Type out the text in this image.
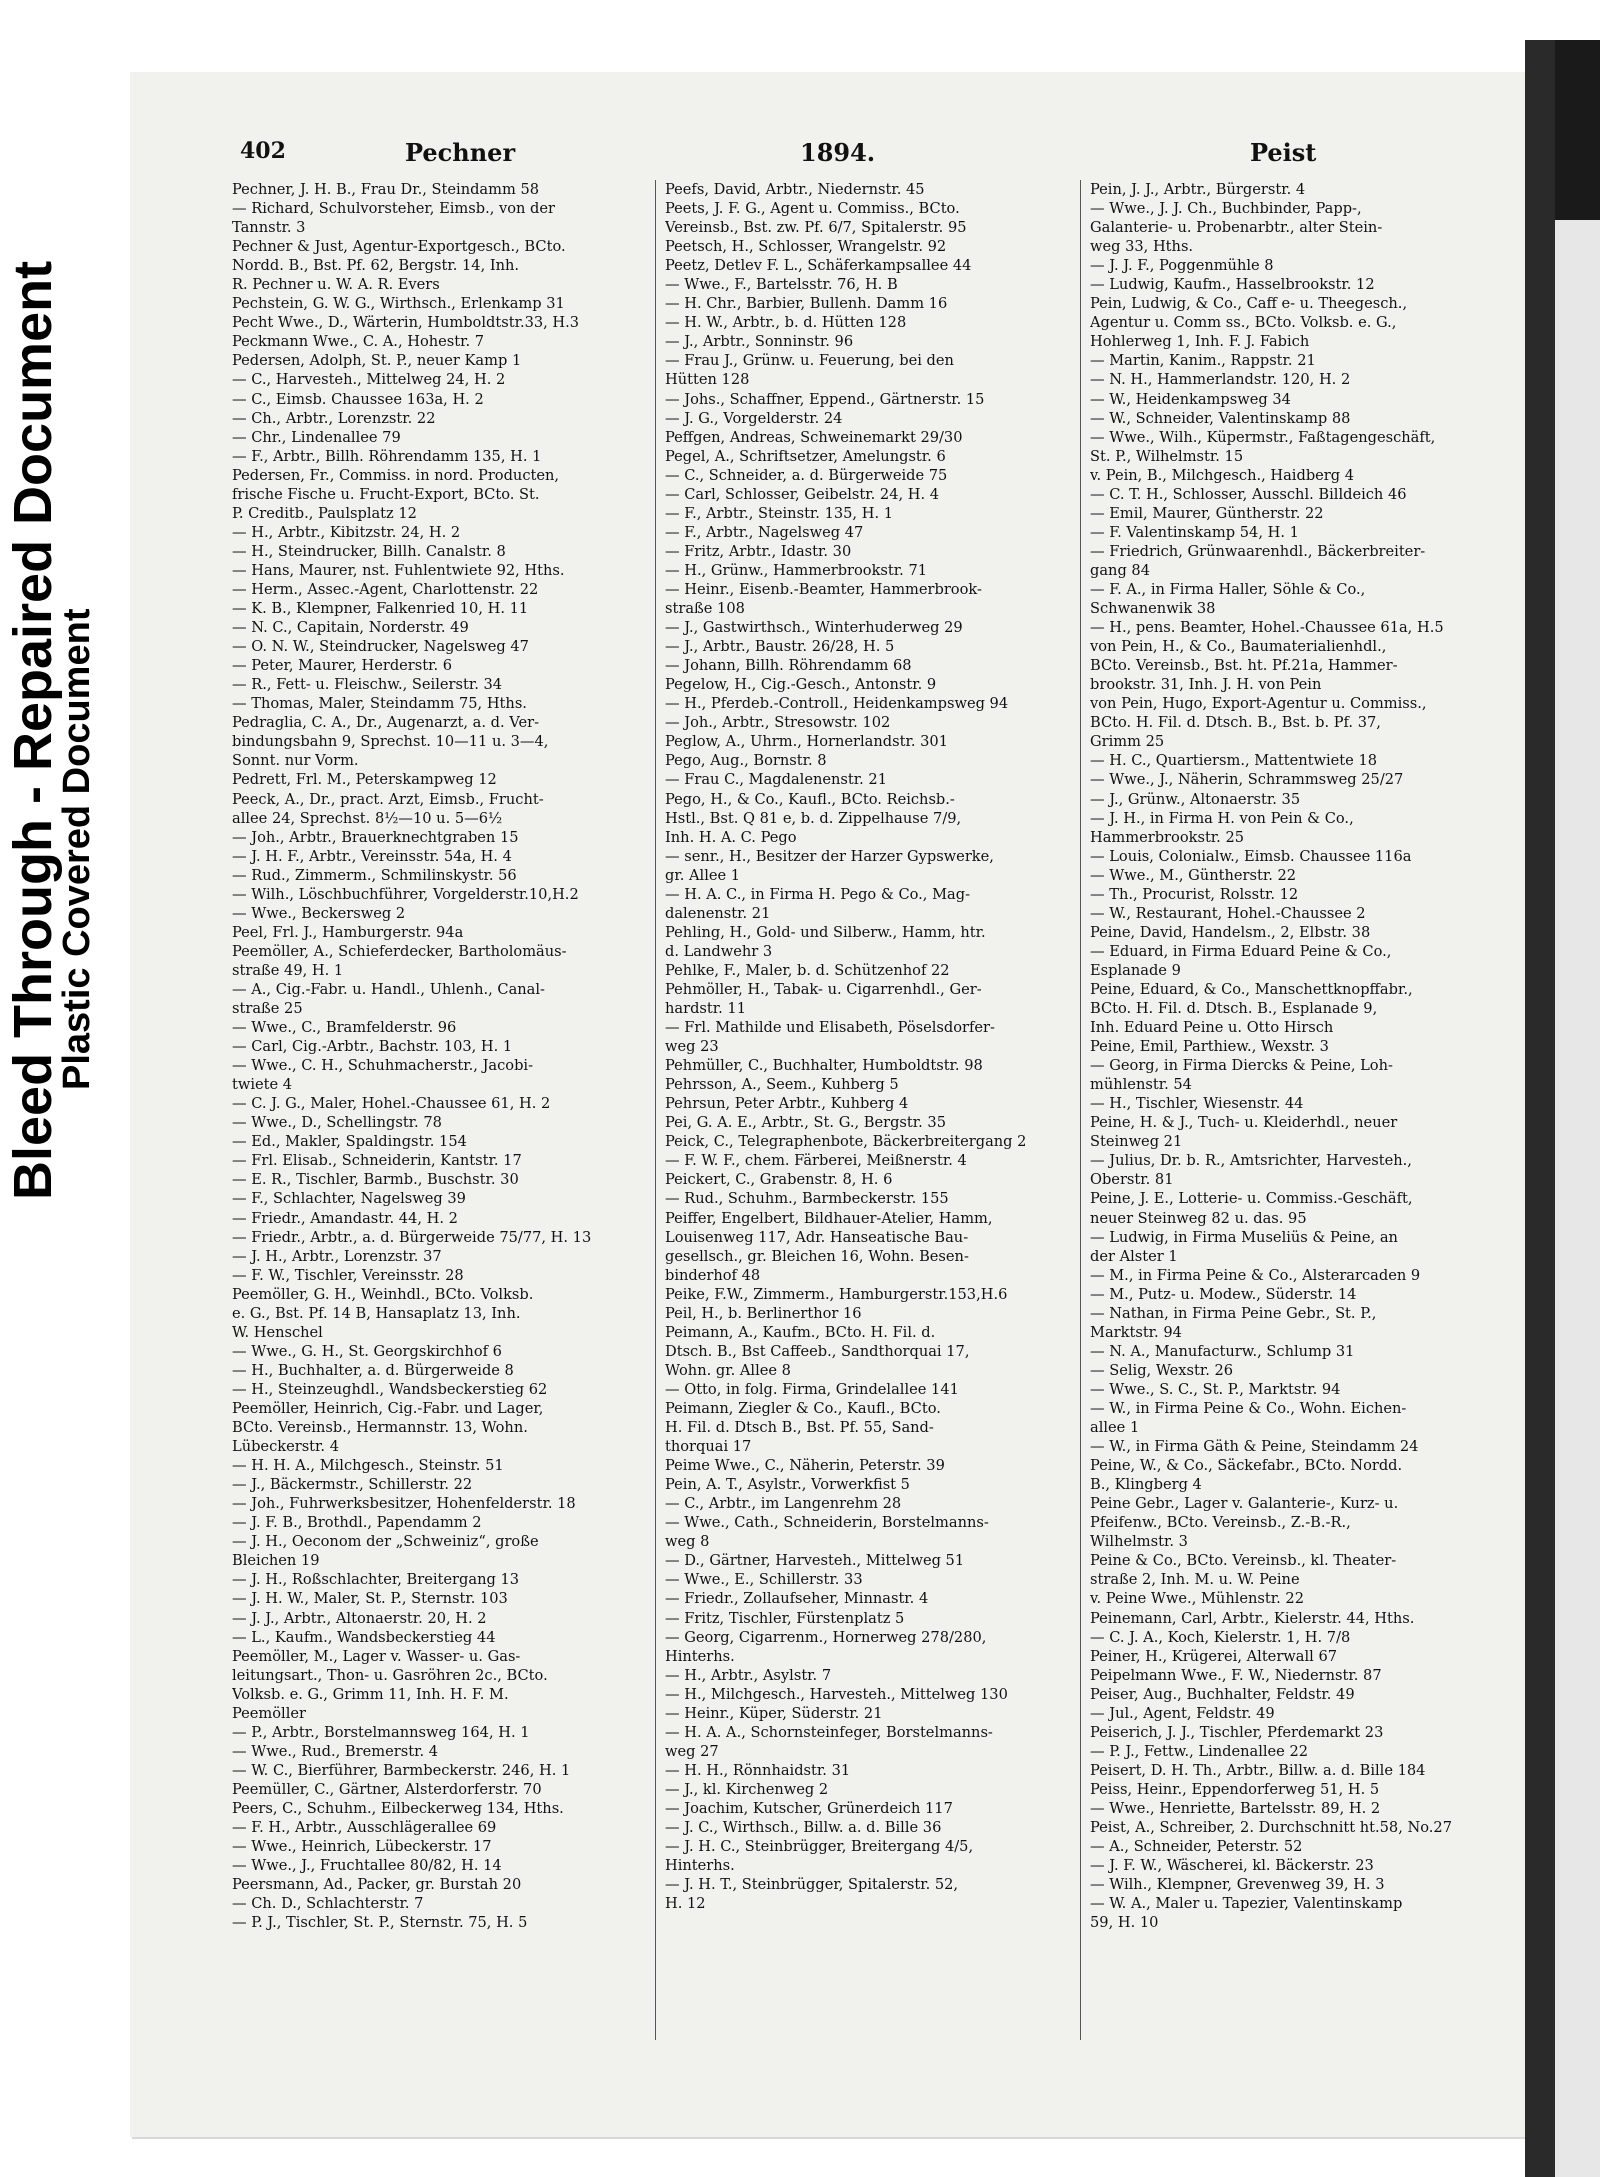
Bleed Through - Repaired Document
Plastic Covered Document
402	Pechner	1894.	Peist
Pechner, J. H. B., Frau Dr., Steindamm 58
— Richard, Schulvorsteher, Eimsb., von der
Tannstr. 3
Pechner & Just, Agentur-Exportgesch., BCto.
Nordd. B., Bst. Pf. 62, Bergstr. 14, Inh.
R. Pechner u. W. A. R. Evers
Pechstein, G. W. G., Wirthsch., Erlenkamp 31
Pecht Wwe., D., Wärterin, Humboldtstr.33, H.3
Peckmann Wwe., C. A., Hohestr. 7
Pedersen, Adolph, St. P., neuer Kamp 1
— C., Harvesteh., Mittelweg 24, H. 2
— C., Eimsb. Chaussee 163a, H. 2
— Ch., Arbtr., Lorenzstr. 22
— Chr., Lindenallee 79
— F., Arbtr., Billh. Röhrendamm 135, H. 1
Pedersen, Fr., Commiss. in nord. Producten,
frische Fische u. Frucht-Export, BCto. St.
P. Creditb., Paulsplatz 12
— H., Arbtr., Kibitzstr. 24, H. 2
— H., Steindrucker, Billh. Canalstr. 8
— Hans, Maurer, nst. Fuhlentwiete 92, Hths.
— Herm., Assec.-Agent, Charlottenstr. 22
— K. B., Klempner, Falkenried 10, H. 11
— N. C., Capitain, Norderstr. 49
— O. N. W., Steindrucker, Nagelsweg 47
— Peter, Maurer, Herderstr. 6
— R., Fett- u. Fleischw., Seilerstr. 34
— Thomas, Maler, Steindamm 75, Hths.
Pedraglia, C. A., Dr., Augenarzt, a. d. Ver-
bindungsbahn 9, Sprechst. 10—11 u. 3—4,
Sonnt. nur Vorm.
Pedrett, Frl. M., Peterskampweg 12
Peeck, A., Dr., pract. Arzt, Eimsb., Frucht-
allee 24, Sprechst. 8½—10 u. 5—6½
— Joh., Arbtr., Brauerknechtgraben 15
— J. H. F., Arbtr., Vereinsstr. 54a, H. 4
— Rud., Zimmerm., Schmilinskystr. 56
— Wilh., Löschbuchführer, Vorgelderstr.10,H.2
— Wwe., Beckersweg 2
Peel, Frl. J., Hamburgerstr. 94a
Peemöller, A., Schieferdecker, Bartholomäus-
straße 49, H. 1
— A., Cig.-Fabr. u. Handl., Uhlenh., Canal-
straße 25
— Wwe., C., Bramfelderstr. 96
— Carl, Cig.-Arbtr., Bachstr. 103, H. 1
— Wwe., C. H., Schuhmacherstr., Jacobi-
twiete 4
— C. J. G., Maler, Hohel.-Chaussee 61, H. 2
— Wwe., D., Schellingstr. 78
— Ed., Makler, Spaldingstr. 154
— Frl. Elisab., Schneiderin, Kantstr. 17
— E. R., Tischler, Barmb., Buschstr. 30
— F., Schlachter, Nagelsweg 39
— Friedr., Amandastr. 44, H. 2
— Friedr., Arbtr., a. d. Bürgerweide 75/77, H. 13
— J. H., Arbtr., Lorenzstr. 37
— F. W., Tischler, Vereinsstr. 28
Peemöller, G. H., Weinhdl., BCto. Volksb.
e. G., Bst. Pf. 14 B, Hansaplatz 13, Inh.
W. Henschel
— Wwe., G. H., St. Georgskirchhof 6
— H., Buchhalter, a. d. Bürgerweide 8
— H., Steinzeughdl., Wandsbeckerstieg 62
Peemöller, Heinrich, Cig.-Fabr. und Lager,
BCto. Vereinsb., Hermannstr. 13, Wohn.
Lübeckerstr. 4
— H. H. A., Milchgesch., Steinstr. 51
— J., Bäckermstr., Schillerstr. 22
— Joh., Fuhrwerksbesitzer, Hohenfelderstr. 18
— J. F. B., Brothdl., Papendamm 2
— J. H., Oeconom der „Schweiniz“, große
Bleichen 19
— J. H., Roßschlachter, Breitergang 13
— J. H. W., Maler, St. P., Sternstr. 103
— J. J., Arbtr., Altonaerstr. 20, H. 2
— L., Kaufm., Wandsbeckerstieg 44
Peemöller, M., Lager v. Wasser- u. Gas-
leitungsart., Thon- u. Gasröhren 2c., BCto.
Volksb. e. G., Grimm 11, Inh. H. F. M.
Peemöller
— P., Arbtr., Borstelmannsweg 164, H. 1
— Wwe., Rud., Bremerstr. 4
— W. C., Bierführer, Barmbeckerstr. 246, H. 1
Peemüller, C., Gärtner, Alsterdorferstr. 70
Peers, C., Schuhm., Eilbeckerweg 134, Hths.
— F. H., Arbtr., Ausschlägerallee 69
— Wwe., Heinrich, Lübeckerstr. 17
— Wwe., J., Fruchtallee 80/82, H. 14
Peersmann, Ad., Packer, gr. Burstah 20
— Ch. D., Schlachterstr. 7
— P. J., Tischler, St. P., Sternstr. 75, H. 5
Peefs, David, Arbtr., Niedernstr. 45
Peets, J. F. G., Agent u. Commiss., BCto.
Vereinsb., Bst. zw. Pf. 6/7, Spitalerstr. 95
Peetsch, H., Schlosser, Wrangelstr. 92
Peetz, Detlev F. L., Schäferkampsallee 44
— Wwe., F., Bartelsstr. 76, H. B
— H. Chr., Barbier, Bullenh. Damm 16
— H. W., Arbtr., b. d. Hütten 128
— J., Arbtr., Sonninstr. 96
— Frau J., Grünw. u. Feuerung, bei den
Hütten 128
— Johs., Schaffner, Eppend., Gärtnerstr. 15
— J. G., Vorgelderstr. 24
Peffgen, Andreas, Schweinemarkt 29/30
Pegel, A., Schriftsetzer, Amelungstr. 6
— C., Schneider, a. d. Bürgerweide 75
— Carl, Schlosser, Geibelstr. 24, H. 4
— F., Arbtr., Steinstr. 135, H. 1
— F., Arbtr., Nagelsweg 47
— Fritz, Arbtr., Idastr. 30
— H., Grünw., Hammerbrookstr. 71
— Heinr., Eisenb.-Beamter, Hammerbrook-
straße 108
— J., Gastwirthsch., Winterhuderweg 29
— J., Arbtr., Baustr. 26/28, H. 5
— Johann, Billh. Röhrendamm 68
Pegelow, H., Cig.-Gesch., Antonstr. 9
— H., Pferdeb.-Controll., Heidenkampsweg 94
— Joh., Arbtr., Stresowstr. 102
Peglow, A., Uhrm., Hornerlandstr. 301
Pego, Aug., Bornstr. 8
— Frau C., Magdalenenstr. 21
Pego, H., & Co., Kaufl., BCto. Reichsb.-
Hstl., Bst. Q 81 e, b. d. Zippelhause 7/9,
Inh. H. A. C. Pego
— senr., H., Besitzer der Harzer Gypswerke,
gr. Allee 1
— H. A. C., in Firma H. Pego & Co., Mag-
dalenenstr. 21
Pehling, H., Gold- und Silberw., Hamm, htr.
d. Landwehr 3
Pehlke, F., Maler, b. d. Schützenhof 22
Pehmöller, H., Tabak- u. Cigarrenhdl., Ger-
hardstr. 11
— Frl. Mathilde und Elisabeth, Pöselsdorfer-
weg 23
Pehmüller, C., Buchhalter, Humboldtstr. 98
Pehrsson, A., Seem., Kuhberg 5
Pehrsun, Peter Arbtr., Kuhberg 4
Pei, G. A. E., Arbtr., St. G., Bergstr. 35
Peick, C., Telegraphenbote, Bäckerbreitergang 2
— F. W. F., chem. Färberei, Meißnerstr. 4
Peickert, C., Grabenstr. 8, H. 6
— Rud., Schuhm., Barmbeckerstr. 155
Peiffer, Engelbert, Bildhauer-Atelier, Hamm,
Louisenweg 117, Adr. Hanseatische Bau-
gesellsch., gr. Bleichen 16, Wohn. Besen-
binderhof 48
Peike, F.W., Zimmerm., Hamburgerstr.153,H.6
Peil, H., b. Berlinerthor 16
Peimann, A., Kaufm., BCto. H. Fil. d.
Dtsch. B., Bst Caffeeb., Sandthorquai 17,
Wohn. gr. Allee 8
— Otto, in folg. Firma, Grindelallee 141
Peimann, Ziegler & Co., Kaufl., BCto.
H. Fil. d. Dtsch B., Bst. Pf. 55, Sand-
thorquai 17
Peime Wwe., C., Näherin, Peterstr. 39
Pein, A. T., Asylstr., Vorwerkfist 5
— C., Arbtr., im Langenrehm 28
— Wwe., Cath., Schneiderin, Borstelmanns-
weg 8
— D., Gärtner, Harvesteh., Mittelweg 51
— Wwe., E., Schillerstr. 33
— Friedr., Zollaufseher, Minnastr. 4
— Fritz, Tischler, Fürstenplatz 5
— Georg, Cigarrenm., Hornerweg 278/280,
Hinterhs.
— H., Arbtr., Asylstr. 7
— H., Milchgesch., Harvesteh., Mittelweg 130
— Heinr., Küper, Süderstr. 21
— H. A. A., Schornsteinfeger, Borstelmanns-
weg 27
— H. H., Rönnhaidstr. 31
— J., kl. Kirchenweg 2
— Joachim, Kutscher, Grünerdeich 117
— J. C., Wirthsch., Billw. a. d. Bille 36
— J. H. C., Steinbrügger, Breitergang 4/5,
Hinterhs.
— J. H. T., Steinbrügger, Spitalerstr. 52,
H. 12
Pein, J. J., Arbtr., Bürgerstr. 4
— Wwe., J. J. Ch., Buchbinder, Papp-,
Galanterie- u. Probenarbtr., alter Stein-
weg 33, Hths.
— J. J. F., Poggenmühle 8
— Ludwig, Kaufm., Hasselbrookstr. 12
Pein, Ludwig, & Co., Caff e- u. Theegesch.,
Agentur u. Comm ss., BCto. Volksb. e. G.,
Hohlerweg 1, Inh. F. J. Fabich
— Martin, Kanim., Rappstr. 21
— N. H., Hammerlandstr. 120, H. 2
— W., Heidenkampsweg 34
— W., Schneider, Valentinskamp 88
— Wwe., Wilh., Küpermstr., Faßtagengeschäft,
St. P., Wilhelmstr. 15
v. Pein, B., Milchgesch., Haidberg 4
— C. T. H., Schlosser, Ausschl. Billdeich 46
— Emil, Maurer, Güntherstr. 22
— F. Valentinskamp 54, H. 1
— Friedrich, Grünwaarenhdl., Bäckerbreiter-
gang 84
— F. A., in Firma Haller, Söhle & Co.,
Schwanenwik 38
— H., pens. Beamter, Hohel.-Chaussee 61a, H.5
von Pein, H., & Co., Baumaterialienhdl.,
BCto. Vereinsb., Bst. ht. Pf.21a, Hammer-
brookstr. 31, Inh. J. H. von Pein
von Pein, Hugo, Export-Agentur u. Commiss.,
BCto. H. Fil. d. Dtsch. B., Bst. b. Pf. 37,
Grimm 25
— H. C., Quartiersm., Mattentwiete 18
— Wwe., J., Näherin, Schrammsweg 25/27
— J., Grünw., Altonaerstr. 35
— J. H., in Firma H. von Pein & Co.,
Hammerbrookstr. 25
— Louis, Colonialw., Eimsb. Chaussee 116a
— Wwe., M., Güntherstr. 22
— Th., Procurist, Rolsstr. 12
— W., Restaurant, Hohel.-Chaussee 2
Peine, David, Handelsm., 2, Elbstr. 38
— Eduard, in Firma Eduard Peine & Co.,
Esplanade 9
Peine, Eduard, & Co., Manschettknopffabr.,
BCto. H. Fil. d. Dtsch. B., Esplanade 9,
Inh. Eduard Peine u. Otto Hirsch
Peine, Emil, Parthiew., Wexstr. 3
— Georg, in Firma Diercks & Peine, Loh-
mühlenstr. 54
— H., Tischler, Wiesenstr. 44
Peine, H. & J., Tuch- u. Kleiderhdl., neuer
Steinweg 21
— Julius, Dr. b. R., Amtsrichter, Harvesteh.,
Oberstr. 81
Peine, J. E., Lotterie- u. Commiss.-Geschäft,
neuer Steinweg 82 u. das. 95
— Ludwig, in Firma Museliüs & Peine, an
der Alster 1
— M., in Firma Peine & Co., Alsterarcaden 9
— M., Putz- u. Modew., Süderstr. 14
— Nathan, in Firma Peine Gebr., St. P.,
Marktstr. 94
— N. A., Manufacturw., Schlump 31
— Selig, Wexstr. 26
— Wwe., S. C., St. P., Marktstr. 94
— W., in Firma Peine & Co., Wohn. Eichen-
allee 1
— W., in Firma Gäth & Peine, Steindamm 24
Peine, W., & Co., Säckefabr., BCto. Nordd.
B., Klingberg 4
Peine Gebr., Lager v. Galanterie-, Kurz- u.
Pfeifenw., BCto. Vereinsb., Z.-B.-R.,
Wilhelmstr. 3
Peine & Co., BCto. Vereinsb., kl. Theater-
straße 2, Inh. M. u. W. Peine
v. Peine Wwe., Mühlenstr. 22
Peinemann, Carl, Arbtr., Kielerstr. 44, Hths.
— C. J. A., Koch, Kielerstr. 1, H. 7/8
Peiner, H., Krügerei, Alterwall 67
Peipelmann Wwe., F. W., Niedernstr. 87
Peiser, Aug., Buchhalter, Feldstr. 49
— Jul., Agent, Feldstr. 49
Peiserich, J. J., Tischler, Pferdemarkt 23
— P. J., Fettw., Lindenallee 22
Peisert, D. H. Th., Arbtr., Billw. a. d. Bille 184
Peiss, Heinr., Eppendorferweg 51, H. 5
— Wwe., Henriette, Bartelsstr. 89, H. 2
Peist, A., Schreiber, 2. Durchschnitt ht.58, No.27
— A., Schneider, Peterstr. 52
— J. F. W., Wäscherei, kl. Bäckerstr. 23
— Wilh., Klempner, Grevenweg 39, H. 3
— W. A., Maler u. Tapezier, Valentinskamp
59, H. 10
